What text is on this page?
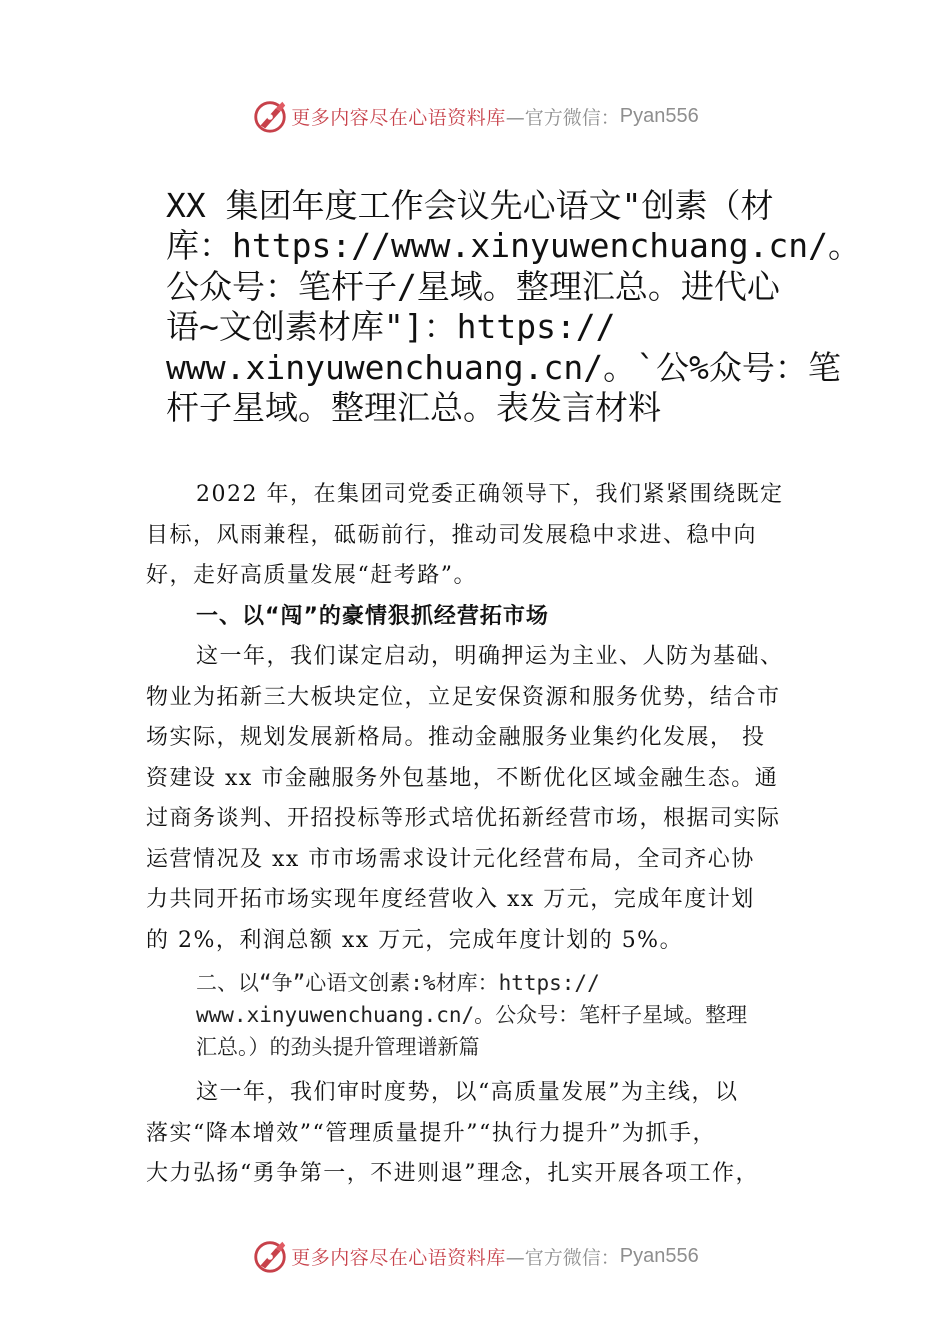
更多内容尽在心语资料库 —官方微信： Pyan556
XX 集团年度工作会议先心语文"创素（材
库：https://www.xinyuwenchuang.cn/。
公众号：笔杆子/星域。整理汇总。进代心
语~文创素材库"]：https://
www.xinyuwenchuang.cn/。`公%众号：笔
杆子星域。整理汇总。表发言材料

2022 年，在集团司党委正确领导下，我们紧紧围绕既定
目标，风雨兼程，砥砺前行，推动司发展稳中求进、稳中向
好，走好高质量发展“赶考路”。

一、以“闯”的豪情狠抓经营拓市场

这一年，我们谋定启动，明确押运为主业、人防为基础、
物业为拓新三大板块定位，立足安保资源和服务优势，结合市
场实际，规划发展新格局。推动金融服务业集约化发展， 投
资建设 xx 市金融服务外包基地，不断优化区域金融生态。通
过商务谈判、开招投标等形式培优拓新经营市场，根据司实际
运营情况及 xx 市市场需求设计元化经营布局，全司齐心协
力共同开拓市场实现年度经营收入 xx 万元，完成年度计划
的 2%，利润总额 xx 万元，完成年度计划的 5%。

二、以“争”心语文创素:%材库：https://
www.xinyuwenchuang.cn/。公众号：笔杆子星域。整理
汇总。）的劲头提升管理谱新篇

这一年，我们审时度势，以“高质量发展”为主线，以
落实“降本增效”“管理质量提升”“执行力提升”为抓手，
大力弘扬“勇争第一，不进则退”理念，扎实开展各项工作，

更多内容尽在心语资料库 —官方微信： Pyan556
